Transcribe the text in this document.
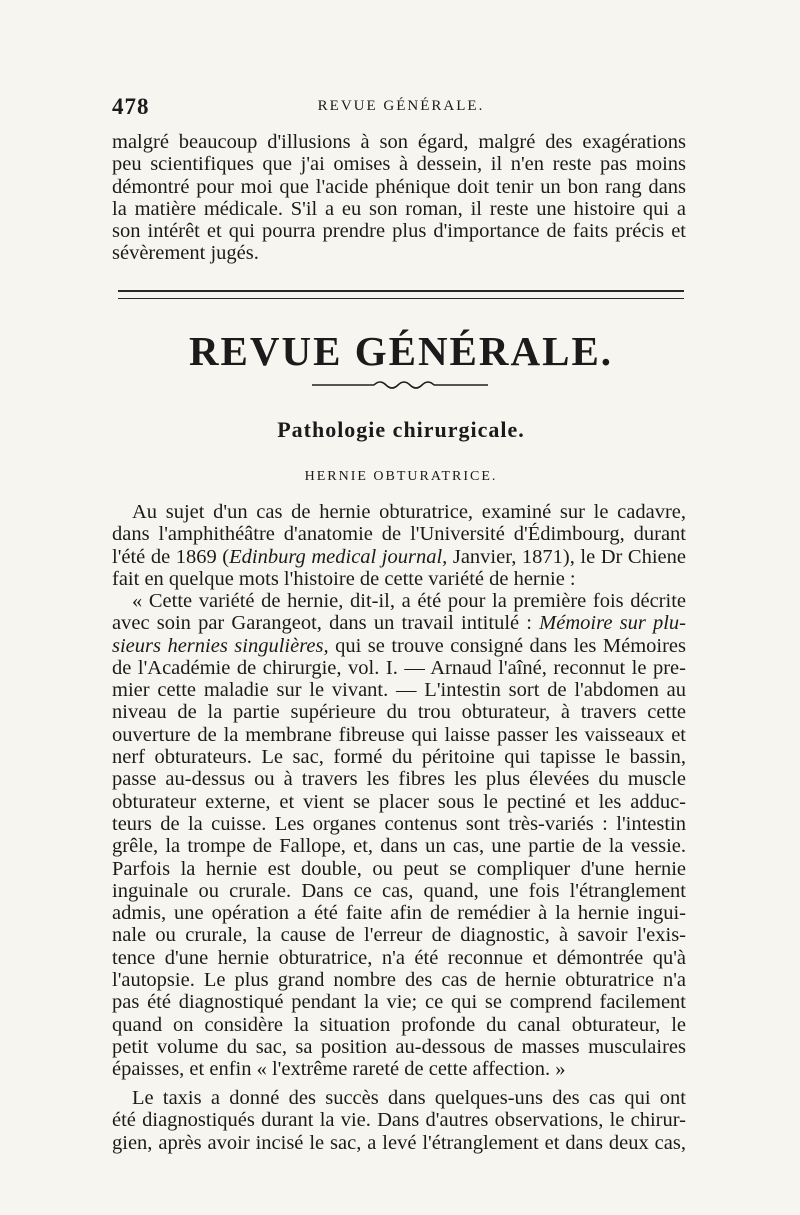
478	REVUE GÉNÉRALE.

malgré beaucoup d'illusions à son égard, malgré des exagérations
peu scientifiques que j'ai omises à dessein, il n'en reste pas moins
démontré pour moi que l'acide phénique doit tenir un bon rang dans
la matière médicale. S'il a eu son roman, il reste une histoire qui a
son intérêt et qui pourra prendre plus d'importance de faits précis et
sévèrement jugés.

REVUE GÉNÉRALE.
Pathologie chirurgicale.
HERNIE OBTURATRICE.

Au sujet d'un cas de hernie obturatrice, examiné sur le cadavre,
dans l'amphithéâtre d'anatomie de l'Université d'Édimbourg, durant
l'été de 1869 (Edinburg medical journal, Janvier, 1871), le Dr Chiene
fait en quelque mots l'histoire de cette variété de hernie :

« Cette variété de hernie, dit-il, a été pour la première fois décrite
avec soin par Garangeot, dans un travail intitulé : Mémoire sur plu-
sieurs hernies singulières, qui se trouve consigné dans les Mémoires
de l'Académie de chirurgie, vol. I. — Arnaud l'aîné, reconnut le pre-
mier cette maladie sur le vivant. — L'intestin sort de l'abdomen au
niveau de la partie supérieure du trou obturateur, à travers cette
ouverture de la membrane fibreuse qui laisse passer les vaisseaux et
nerf obturateurs. Le sac, formé du péritoine qui tapisse le bassin,
passe au-dessus ou à travers les fibres les plus élevées du muscle
obturateur externe, et vient se placer sous le pectiné et les adduc-
teurs de la cuisse. Les organes contenus sont très-variés : l'intestin
grêle, la trompe de Fallope, et, dans un cas, une partie de la vessie.
Parfois la hernie est double, ou peut se compliquer d'une hernie
inguinale ou crurale. Dans ce cas, quand, une fois l'étranglement
admis, une opération a été faite afin de remédier à la hernie ingui-
nale ou crurale, la cause de l'erreur de diagnostic, à savoir l'exis-
tence d'une hernie obturatrice, n'a été reconnue et démontrée qu'à
l'autopsie. Le plus grand nombre des cas de hernie obturatrice n'a
pas été diagnostiqué pendant la vie; ce qui se comprend facilement
quand on considère la situation profonde du canal obturateur, le
petit volume du sac, sa position au-dessous de masses musculaires
épaisses, et enfin « l'extrême rareté de cette affection. »

Le taxis a donné des succès dans quelques-uns des cas qui ont
été diagnostiqués durant la vie. Dans d'autres observations, le chirur-
gien, après avoir incisé le sac, a levé l'étranglement et dans deux cas,
